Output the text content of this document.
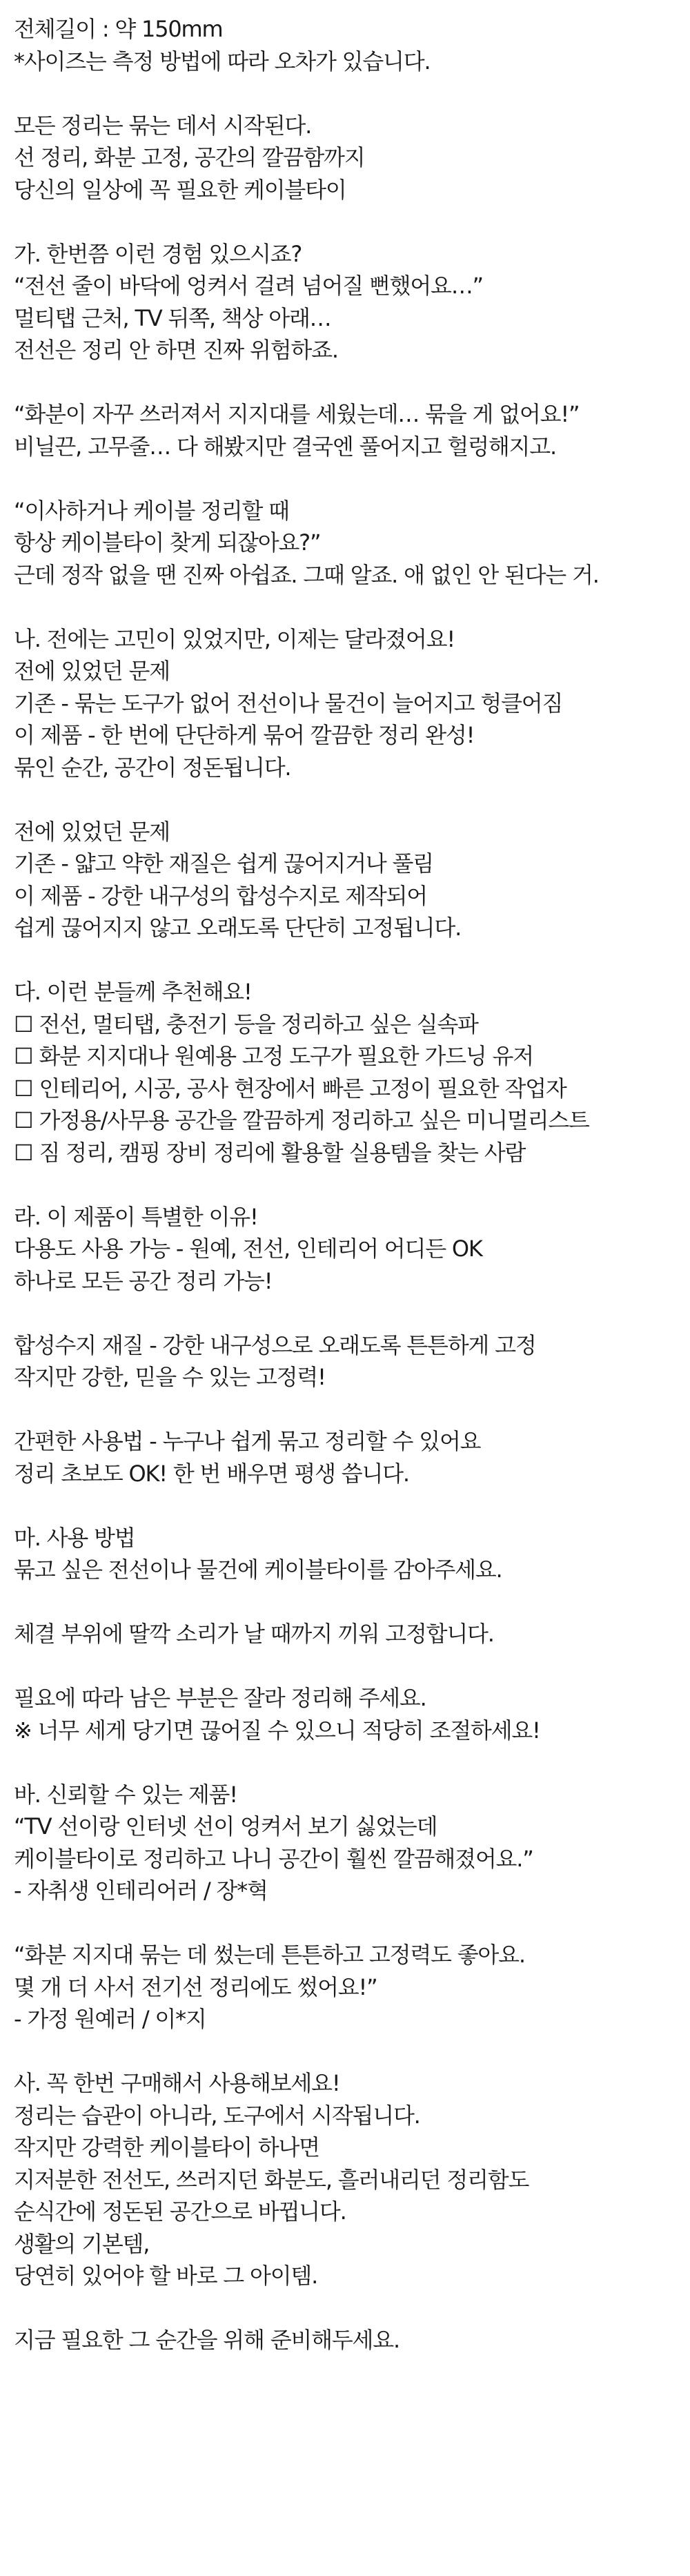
전체길이 : 약 150mm
*사이즈는 측정 방법에 따라 오차가 있습니다.
모든 정리는 묶는 데서 시작된다.
선 정리, 화분 고정, 공간의 깔끔함까지
당신의 일상에 꼭 필요한 케이블타이
가. 한번쯤 이런 경험 있으시죠?
“전선 줄이 바닥에 엉켜서 걸려 넘어질 뻔했어요…”
멀티탭 근처, TV 뒤쪽, 책상 아래…
전선은 정리 안 하면 진짜 위험하죠.
“화분이 자꾸 쓰러져서 지지대를 세웠는데… 묶을 게 없어요!”
비닐끈, 고무줄… 다 해봤지만 결국엔 풀어지고 헐렁해지고.
“이사하거나 케이블 정리할 때
항상 케이블타이 찾게 되잖아요?”
근데 정작 없을 땐 진짜 아쉽죠. 그때 알죠. 애 없인 안 된다는 거.
나. 전에는 고민이 있었지만, 이제는 달라졌어요!
전에 있었던 문제
기존 - 묶는 도구가 없어 전선이나 물건이 늘어지고 헝클어짐
이 제품 - 한 번에 단단하게 묶어 깔끔한 정리 완성!
묶인 순간, 공간이 정돈됩니다.
전에 있었던 문제
기존 - 얇고 약한 재질은 쉽게 끊어지거나 풀림
이 제품 - 강한 내구성의 합성수지로 제작되어
쉽게 끊어지지 않고 오래도록 단단히 고정됩니다.
다. 이런 분들께 추천해요!
☐ 전선, 멀티탭, 충전기 등을 정리하고 싶은 실속파
☐ 화분 지지대나 원예용 고정 도구가 필요한 가드닝 유저
☐ 인테리어, 시공, 공사 현장에서 빠른 고정이 필요한 작업자
☐ 가정용/사무용 공간을 깔끔하게 정리하고 싶은 미니멀리스트
☐ 짐 정리, 캠핑 장비 정리에 활용할 실용템을 찾는 사람
라. 이 제품이 특별한 이유!
다용도 사용 가능 - 원예, 전선, 인테리어 어디든 OK
하나로 모든 공간 정리 가능!
합성수지 재질 - 강한 내구성으로 오래도록 튼튼하게 고정
작지만 강한, 믿을 수 있는 고정력!
간편한 사용법 - 누구나 쉽게 묶고 정리할 수 있어요
정리 초보도 OK! 한 번 배우면 평생 씁니다.
마. 사용 방법
묶고 싶은 전선이나 물건에 케이블타이를 감아주세요.
체결 부위에 딸깍 소리가 날 때까지 끼워 고정합니다.
필요에 따라 남은 부분은 잘라 정리해 주세요.
※ 너무 세게 당기면 끊어질 수 있으니 적당히 조절하세요!
바. 신뢰할 수 있는 제품!
“TV 선이랑 인터넷 선이 엉켜서 보기 싫었는데
케이블타이로 정리하고 나니 공간이 훨씬 깔끔해졌어요.”
- 자취생 인테리어러 / 장*혁
“화분 지지대 묶는 데 썼는데 튼튼하고 고정력도 좋아요.
몇 개 더 사서 전기선 정리에도 썼어요!”
- 가정 원예러 / 이*지
사. 꼭 한번 구매해서 사용해보세요!
정리는 습관이 아니라, 도구에서 시작됩니다.
작지만 강력한 케이블타이 하나면
지저분한 전선도, 쓰러지던 화분도, 흘러내리던 정리함도
순식간에 정돈된 공간으로 바뀝니다.
생활의 기본템,
당연히 있어야 할 바로 그 아이템.
지금 필요한 그 순간을 위해 준비해두세요.
